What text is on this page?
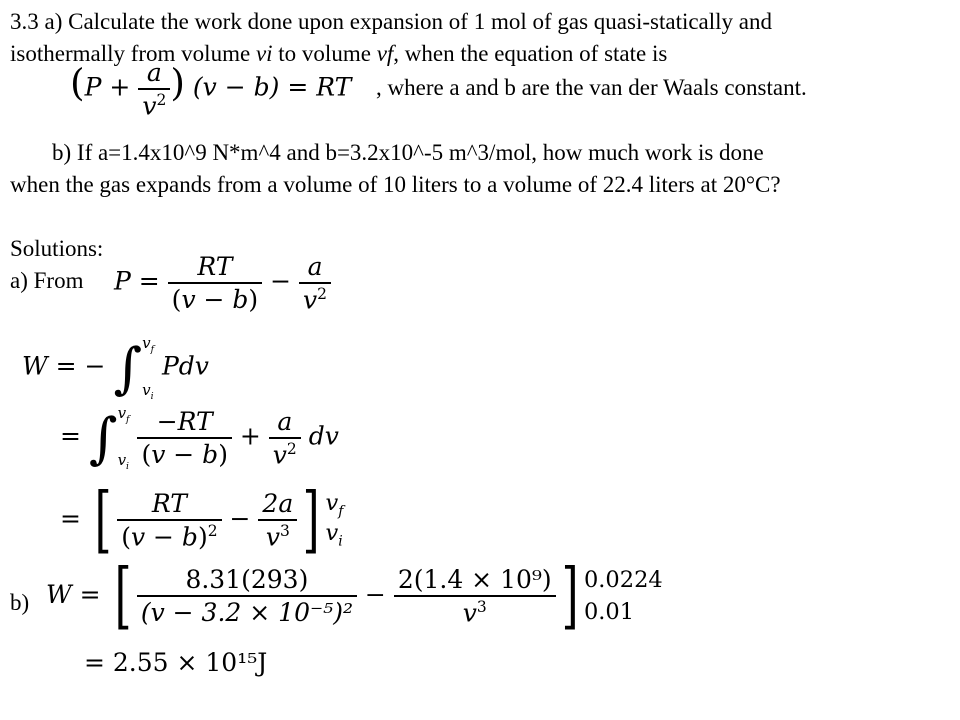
3.3 a) Calculate the work done upon expansion of 1 mol of gas quasi-statically and
isothermally from volume vi to volume vf, when the equation of state is
($P + \frac{a}{v^2}$ ) (v − b) = RT , where a and b are the van der Waals constant.
b) If a=1.4x10^9 N*m^4 and b=3.2x10^-5 m^3/mol, how much work is done
when the gas expands from a volume of 10 liters to a volume of 22.4 liters at 20°C?
Solutions:
a) From $P = \frac{RT}{(v - b)} - \frac{a}{v^2}$
W = − ∫ $v_f$
$v_i$
Pdv
= ∫ $v_f$
$v_i$
$\frac{-RT}{(v - b)} + \frac{a}{v^2}$ dv
= [ $\frac{RT}{(v - b)^2} - \frac{2a}{v^3}$ ] $v_f$
$v_i$
b) W = [ $\frac{8.31(293)}{\text{(v − 3.2 × 10⁻⁵)²}} - \frac{\text{2(1.4 × 10⁹)}}{v^3}$ ] 0.0224
0.01
= 2.55 × 10¹⁵J
